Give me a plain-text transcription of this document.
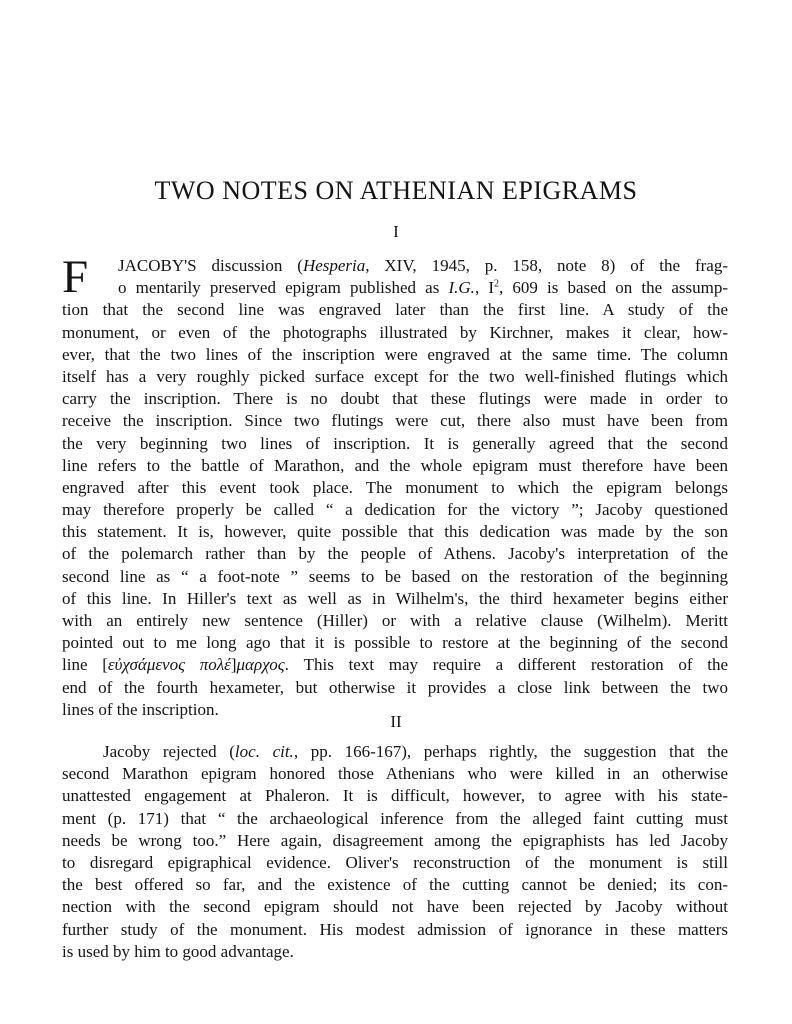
TWO NOTES ON ATHENIAN EPIGRAMS
I
F	JACOBY'S discussion (Hesperia, XIV, 1945, p. 158, note 8) of the frag-
o mentarily preserved epigram published as I.G., $I^2$, 609 is based on the assump-
tion that the second line was engraved later than the first line. A study of the
monument, or even of the photographs illustrated by Kirchner, makes it clear, how-
ever, that the two lines of the inscription were engraved at the same time. The column
itself has a very roughly picked surface except for the two well-finished flutings which
carry the inscription. There is no doubt that these flutings were made in order to
receive the inscription. Since two flutings were cut, there also must have been from
the very beginning two lines of inscription. It is generally agreed that the second
line refers to the battle of Marathon, and the whole epigram must therefore have been
engraved after this event took place. The monument to which the epigram belongs
may therefore properly be called “ a dedication for the victory ”; Jacoby questioned
this statement. It is, however, quite possible that this dedication was made by the son
of the polemarch rather than by the people of Athens. Jacoby's interpretation of the
second line as “ a foot-note ” seems to be based on the restoration of the beginning
of this line. In Hiller's text as well as in Wilhelm's, the third hexameter begins either
with an entirely new sentence (Hiller) or with a relative clause (Wilhelm). Meritt
pointed out to me long ago that it is possible to restore at the beginning of the second
line [εὐχσάμενος πολέ]μαρχος. This text may require a different restoration of the
end of the fourth hexameter, but otherwise it provides a close link between the two
lines of the inscription.
II
Jacoby rejected (loc. cit., pp. 166-167), perhaps rightly, the suggestion that the
second Marathon epigram honored those Athenians who were killed in an otherwise
unattested engagement at Phaleron. It is difficult, however, to agree with his state-
ment (p. 171) that “ the archaeological inference from the alleged faint cutting must
needs be wrong too.” Here again, disagreement among the epigraphists has led Jacoby
to disregard epigraphical evidence. Oliver's reconstruction of the monument is still
the best offered so far, and the existence of the cutting cannot be denied; its con-
nection with the second epigram should not have been rejected by Jacoby without
further study of the monument. His modest admission of ignorance in these matters
is used by him to good advantage.
